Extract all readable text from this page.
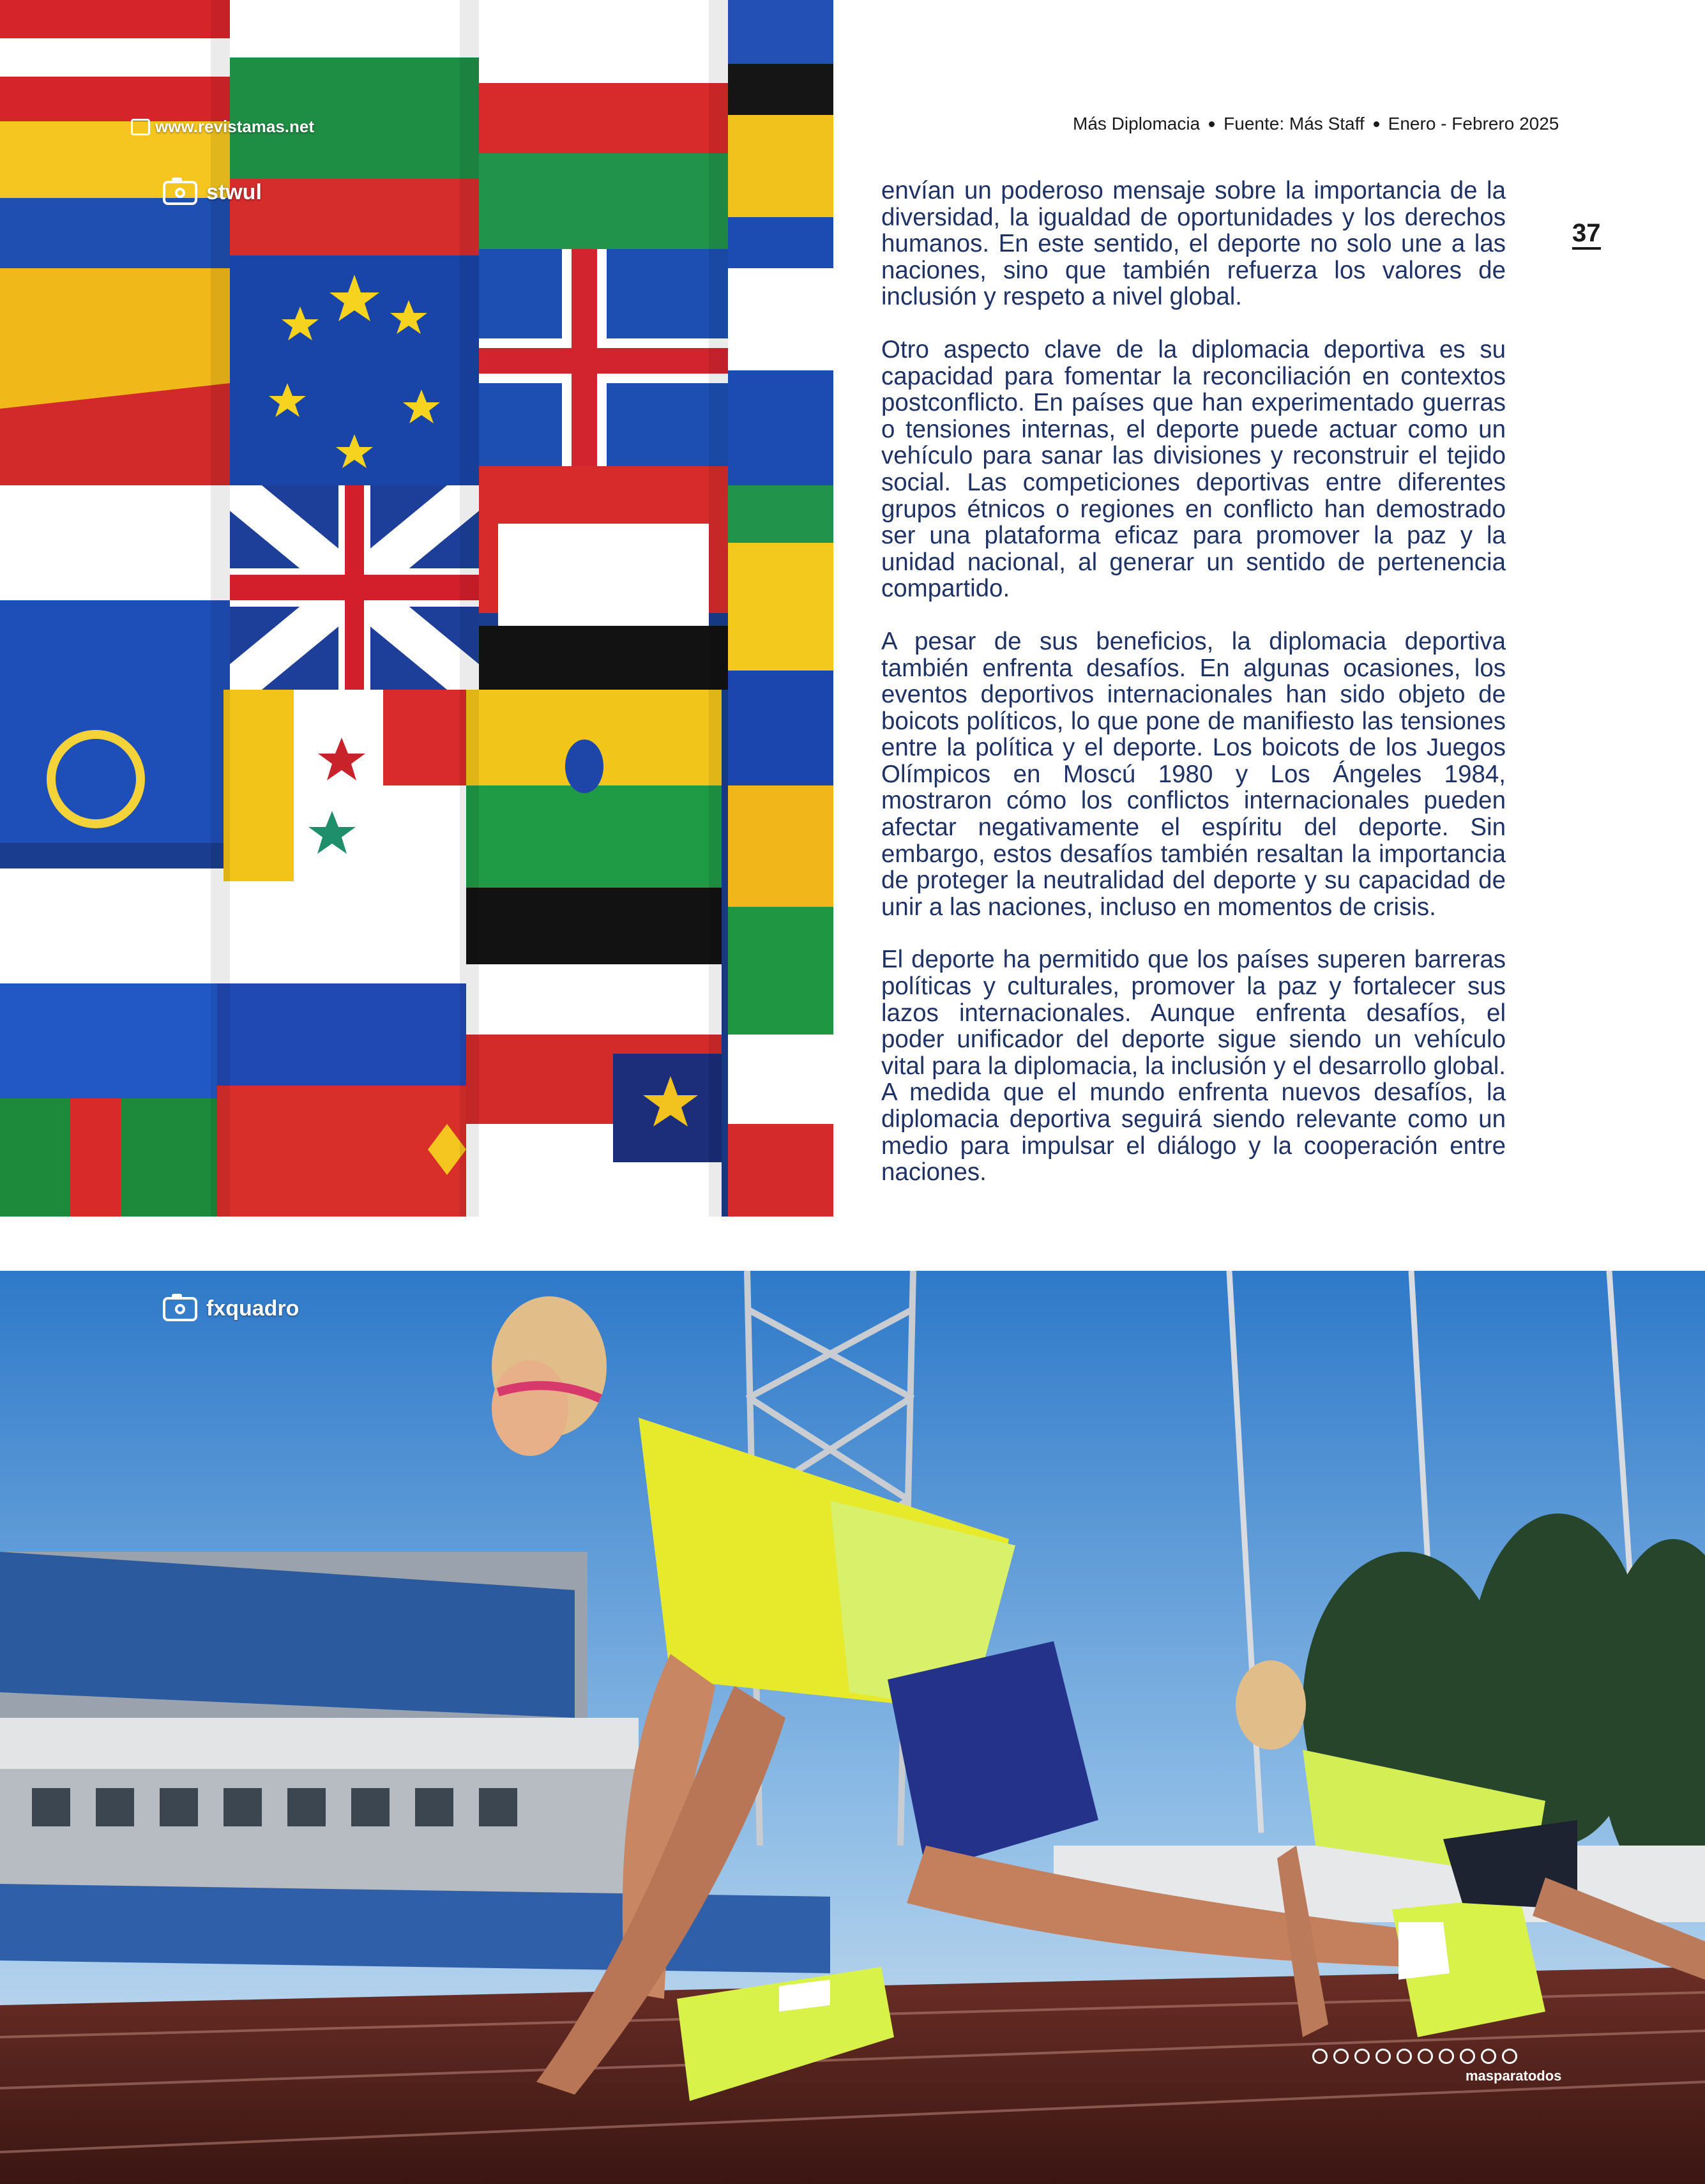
www.revistamas.net
stwul
Más Diplomacia Fuente: Más Staff Enero - Febrero 2025
37

envían un poderoso mensaje sobre la importancia de la diversidad, la igualdad de oportunidades y los derechos humanos. En este sentido, el deporte no solo une a las naciones, sino que también refuerza los valores de inclusión y respeto a nivel global.

Otro aspecto clave de la diplomacia deportiva es su capacidad para fomentar la reconciliación en contextos postconflicto. En países que han experimentado guerras o tensiones internas, el deporte puede actuar como un vehículo para sanar las divisiones y reconstruir el tejido social. Las competiciones deportivas entre diferentes grupos étnicos o regiones en conflicto han demostrado ser una plataforma eficaz para promover la paz y la unidad nacional, al generar un sentido de pertenencia compartido.

A pesar de sus beneficios, la diplomacia deportiva también enfrenta desafíos. En algunas ocasiones, los eventos deportivos internacionales han sido objeto de boicots políticos, lo que pone de manifiesto las tensiones entre la política y el deporte. Los boicots de los Juegos Olímpicos en Moscú 1980 y Los Ángeles 1984, mostraron cómo los conflictos internacionales pueden afectar negativamente el espíritu del deporte. Sin embargo, estos desafíos también resaltan la importancia de proteger la neutralidad del deporte y su capacidad de unir a las naciones, incluso en momentos de crisis.

El deporte ha permitido que los países superen barreras políticas y culturales, promover la paz y fortalecer sus lazos internacionales. Aunque enfrenta desafíos, el poder unificador del deporte sigue siendo un vehículo vital para la diplomacia, la inclusión y el desarrollo global. A medida que el mundo enfrenta nuevos desafíos, la diplomacia deportiva seguirá siendo relevante como un medio para impulsar el diálogo y la cooperación entre naciones.

fxquadro
masparatodos
